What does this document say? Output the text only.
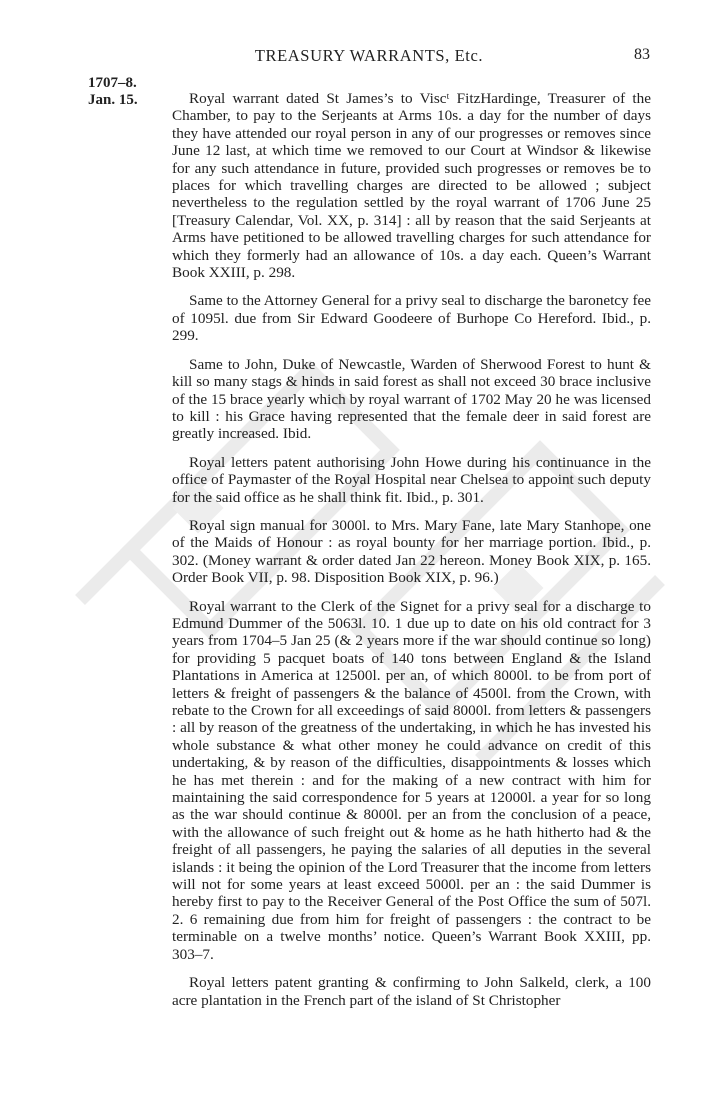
TREASURY WARRANTS, Etc.	83
1707–8.
Jan. 15.	Royal warrant dated St James’s to Viscᵗ FitzHardinge, Treasurer of the Chamber, to pay to the Serjeants at Arms 10s. a day for the number of days they have attended our royal person in any of our progresses or removes since June 12 last, at which time we removed to our Court at Windsor & likewise for any such attendance in future, provided such progresses or removes be to places for which travelling charges are directed to be allowed ; subject nevertheless to the regulation settled by the royal warrant of 1706 June 25 [Treasury Calendar, Vol. XX, p. 314] : all by reason that the said Serjeants at Arms have petitioned to be allowed travelling charges for such attendance for which they formerly had an allowance of 10s. a day each. Queen’s Warrant Book XXIII, p. 298.

Same to the Attorney General for a privy seal to discharge the baronetcy fee of 1095l. due from Sir Edward Goodeere of Burhope Co Hereford. Ibid., p. 299.

Same to John, Duke of Newcastle, Warden of Sherwood Forest to hunt & kill so many stags & hinds in said forest as shall not exceed 30 brace inclusive of the 15 brace yearly which by royal warrant of 1702 May 20 he was licensed to kill : his Grace having represented that the female deer in said forest are greatly increased. Ibid.

Royal letters patent authorising John Howe during his continuance in the office of Paymaster of the Royal Hospital near Chelsea to appoint such deputy for the said office as he shall think fit. Ibid., p. 301.

Royal sign manual for 3000l. to Mrs. Mary Fane, late Mary Stanhope, one of the Maids of Honour : as royal bounty for her marriage portion. Ibid., p. 302. (Money warrant & order dated Jan 22 hereon. Money Book XIX, p. 165. Order Book VII, p. 98. Disposition Book XIX, p. 96.)

Royal warrant to the Clerk of the Signet for a privy seal for a discharge to Edmund Dummer of the 5063l. 10. 1 due up to date on his old contract for 3 years from 1704–5 Jan 25 (& 2 years more if the war should continue so long) for providing 5 pacquet boats of 140 tons between England & the Island Plantations in America at 12500l. per an, of which 8000l. to be from port of letters & freight of passengers & the balance of 4500l. from the Crown, with rebate to the Crown for all exceedings of said 8000l. from letters & passengers : all by reason of the greatness of the undertaking, in which he has invested his whole substance & what other money he could advance on credit of this undertaking, & by reason of the difficulties, disappointments & losses which he has met therein : and for the making of a new contract with him for maintaining the said correspondence for 5 years at 12000l. a year for so long as the war should continue & 8000l. per an from the conclusion of a peace, with the allowance of such freight out & home as he hath hitherto had & the freight of all passengers, he paying the salaries of all deputies in the several islands : it being the opinion of the Lord Treasurer that the income from letters will not for some years at least exceed 5000l. per an : the said Dummer is hereby first to pay to the Receiver General of the Post Office the sum of 507l. 2. 6 remaining due from him for freight of passengers : the contract to be terminable on a twelve months’ notice. Queen’s Warrant Book XXIII, pp. 303–7.

Royal letters patent granting & confirming to John Salkeld, clerk, a 100 acre plantation in the French part of the island of St Christopher
